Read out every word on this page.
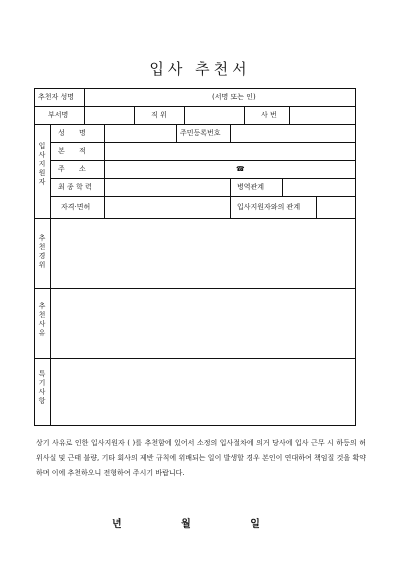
입사 추천서
추천자 성명	(서명 또는 인)
부서명	직 위	사 번
입사지원자
성 명	주민등록번호
본 적
주 소	☎
최 종 학 력	병역관계
자격·면허	입사지원자와의 관계
추천경위
추천사유
특기사항
상기 사유로 인한 입사지원자 ( )를 추천함에 있어서 소정의 입사절차에 의거 당사에 입사 근무 시 하등의 허위사실 및 근태 불량, 기타 회사의 제반 규칙에 위배되는 일이 발생할 경우 본인이 연대하여 책임질 것을 확약하며 이에 추천하오니 전형하여 주시기 바랍니다.
년 월 일
